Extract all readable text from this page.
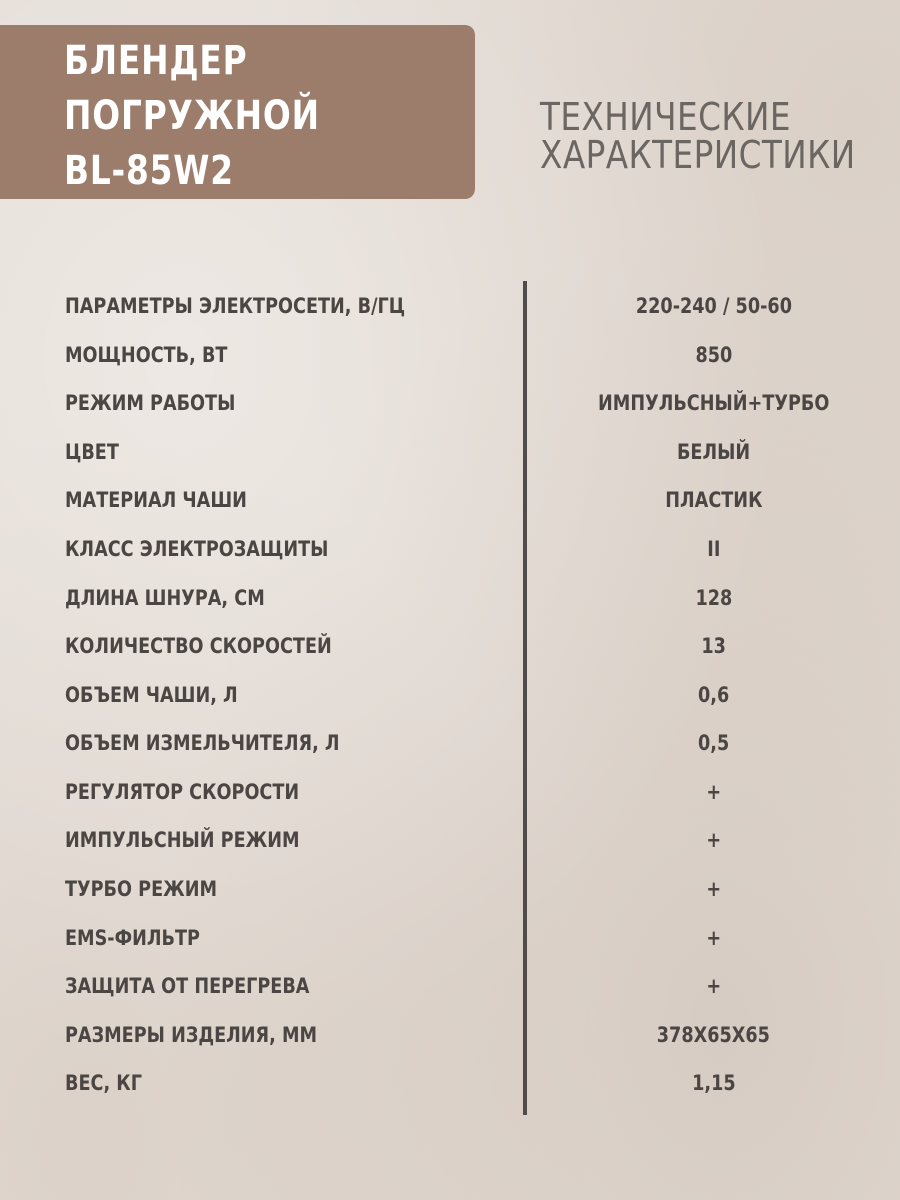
БЛЕНДЕР
ПОГРУЖНОЙ
BL-85W2
ТЕХНИЧЕСКИЕ
ХАРАКТЕРИСТИКИ
ПАРАМЕТРЫ ЭЛЕКТРОСЕТИ, В/ГЦ	220-240 / 50-60
МОЩНОСТЬ, ВТ	850
РЕЖИМ РАБОТЫ	ИМПУЛЬСНЫЙ+ТУРБО
ЦВЕТ	БЕЛЫЙ
МАТЕРИАЛ ЧАШИ	ПЛАСТИК
КЛАСС ЭЛЕКТРОЗАЩИТЫ	II
ДЛИНА ШНУРА, СМ	128
КОЛИЧЕСТВО СКОРОСТЕЙ	13
ОБЪЕМ ЧАШИ, Л	0,6
ОБЪЕМ ИЗМЕЛЬЧИТЕЛЯ, Л	0,5
РЕГУЛЯТОР СКОРОСТИ	+
ИМПУЛЬСНЫЙ РЕЖИМ	+
ТУРБО РЕЖИМ	+
EMS-ФИЛЬТР	+
ЗАЩИТА ОТ ПЕРЕГРЕВА	+
РАЗМЕРЫ ИЗДЕЛИЯ, ММ	378Х65Х65
ВЕС, КГ	1,15
